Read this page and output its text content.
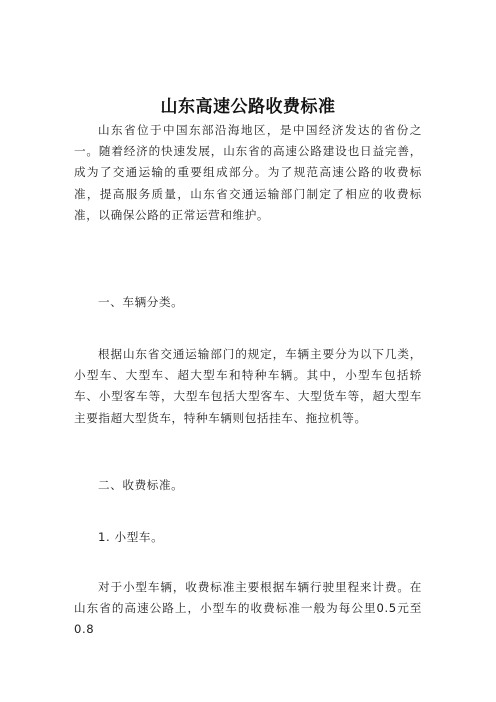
山东高速公路收费标准

山东省位于中国东部沿海地区，是中国经济发达的省份之一。随着经济的快速发展，山东省的高速公路建设也日益完善，成为了交通运输的重要组成部分。为了规范高速公路的收费标准，提高服务质量，山东省交通运输部门制定了相应的收费标准，以确保公路的正常运营和维护。

一、车辆分类。

根据山东省交通运输部门的规定，车辆主要分为以下几类，小型车、大型车、超大型车和特种车辆。其中，小型车包括轿车、小型客车等，大型车包括大型客车、大型货车等，超大型车主要指超大型货车，特种车辆则包括挂车、拖拉机等。

二、收费标准。

1. 小型车。

对于小型车辆，收费标准主要根据车辆行驶里程来计费。在山东省的高速公路上，小型车的收费标准一般为每公里0.5元至0.8
